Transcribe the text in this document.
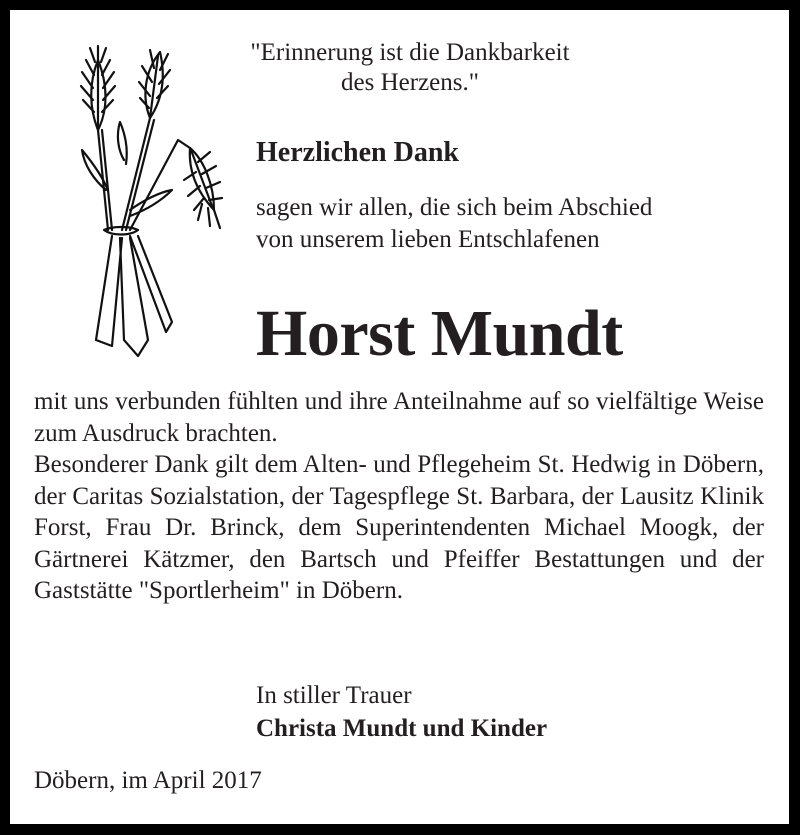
"Erinnerung ist die Dankbarkeit
des Herzens."
Herzlichen Dank
sagen wir allen, die sich beim Abschied
von unserem lieben Entschlafenen
Horst Mundt

mit uns verbunden fühlten und ihre Anteilnahme auf so vielfältige Weise zum Ausdruck brachten.

Besonderer Dank gilt dem Alten- und Pflegeheim St. Hedwig in Döbern, der Caritas Sozialstation, der Tagespflege St. Barbara, der Lausitz Klinik Forst, Frau Dr. Brinck, dem Superintendenten Michael Moogk, der Gärtnerei Kätzmer, den Bartsch und Pfeiffer Bestattungen und der Gaststätte "Sportlerheim" in Döbern.

In stiller Trauer
Christa Mundt und Kinder
Döbern, im April 2017
